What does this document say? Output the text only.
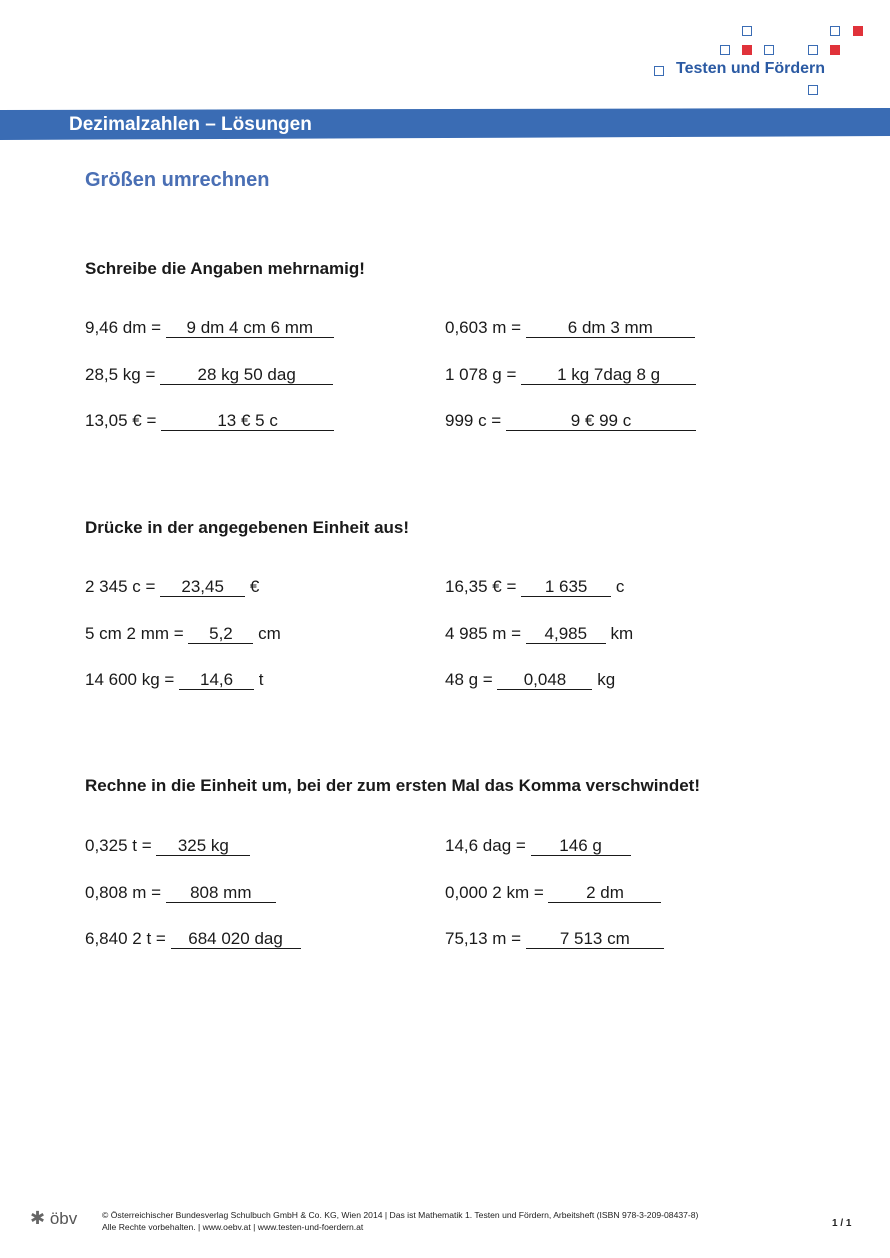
Testen und Fördern
Dezimalzahlen – Lösungen
Größen umrechnen
Schreibe die Angaben mehrnamig!
9,46 dm = 9 dm 4 cm 6 mm
28,5 kg = 28 kg 50 dag
13,05 € =	13 € 5 c
0,603 m = 6 dm 3 mm
1 078 g = 1 kg 7dag 8 g
999 c =	9 € 99 c
Drücke in der angegebenen Einheit aus!
2 345 c = 23,45 €
5 cm 2 mm = 5,2 cm
14 600 kg = 14,6 t
16,35 € = 1 635 c
4 985 m = 4,985 km
48 g = 0,048 kg
Rechne in die Einheit um, bei der zum ersten Mal das Komma verschwindet!
0,325 t = 325 kg
0,808 m = 808 mm
6,840 2 t = 684 020 dag
14,6 dag = 146 g
0,000 2 km = 2 dm
75,13 m = 7 513 cm
✱ öbv	© Österreichischer Bundesverlag Schulbuch GmbH & Co. KG, Wien 2014 | Das ist Mathematik 1. Testen und Fördern, Arbeitsheft (ISBN 978-3-209-08437-8)
Alle Rechte vorbehalten. | www.oebv.at | www.testen-und-foerdern.at	1 / 1
